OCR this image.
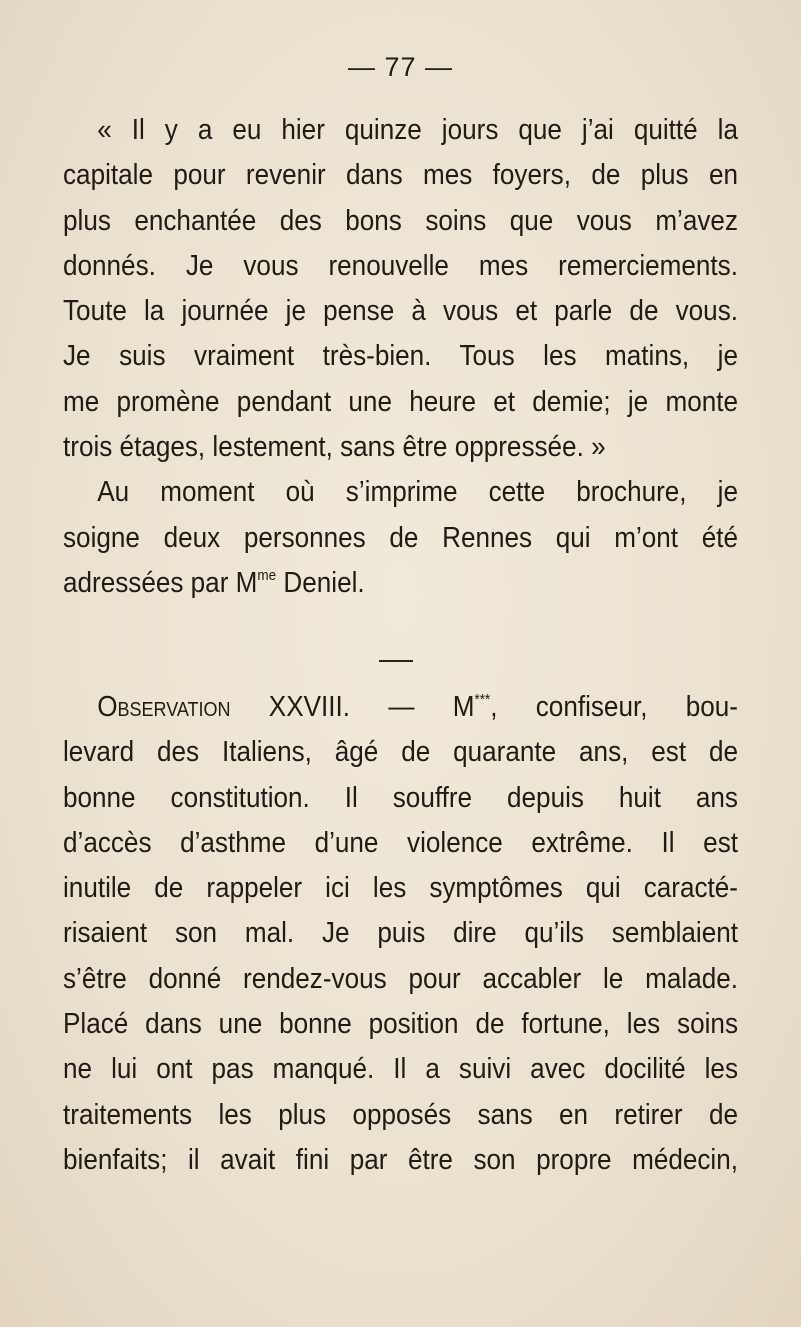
— 77 —
« Il y a eu hier quinze jours que j’ai quitté la
capitale pour revenir dans mes foyers, de plus en
plus enchantée des bons soins que vous m’avez
donnés. Je vous renouvelle mes remerciements.
Toute la journée je pense à vous et parle de vous.
Je suis vraiment très-bien. Tous les matins, je
me promène pendant une heure et demie; je monte
trois étages, lestement, sans être oppressée. »
Au moment où s’imprime cette brochure, je
soigne deux personnes de Rennes qui m’ont été
adressées par $M^{me}$ Deniel.
Observation XXVIII. — M***, confiseur, bou-
levard des Italiens, âgé de quarante ans, est de
bonne constitution. Il souffre depuis huit ans
d’accès d’asthme d’une violence extrême. Il est
inutile de rappeler ici les symptômes qui caracté-
risaient son mal. Je puis dire qu’ils semblaient
s’être donné rendez-vous pour accabler le malade.
Placé dans une bonne position de fortune, les soins
ne lui ont pas manqué. Il a suivi avec docilité les
traitements les plus opposés sans en retirer de
bienfaits; il avait fini par être son propre médecin,
